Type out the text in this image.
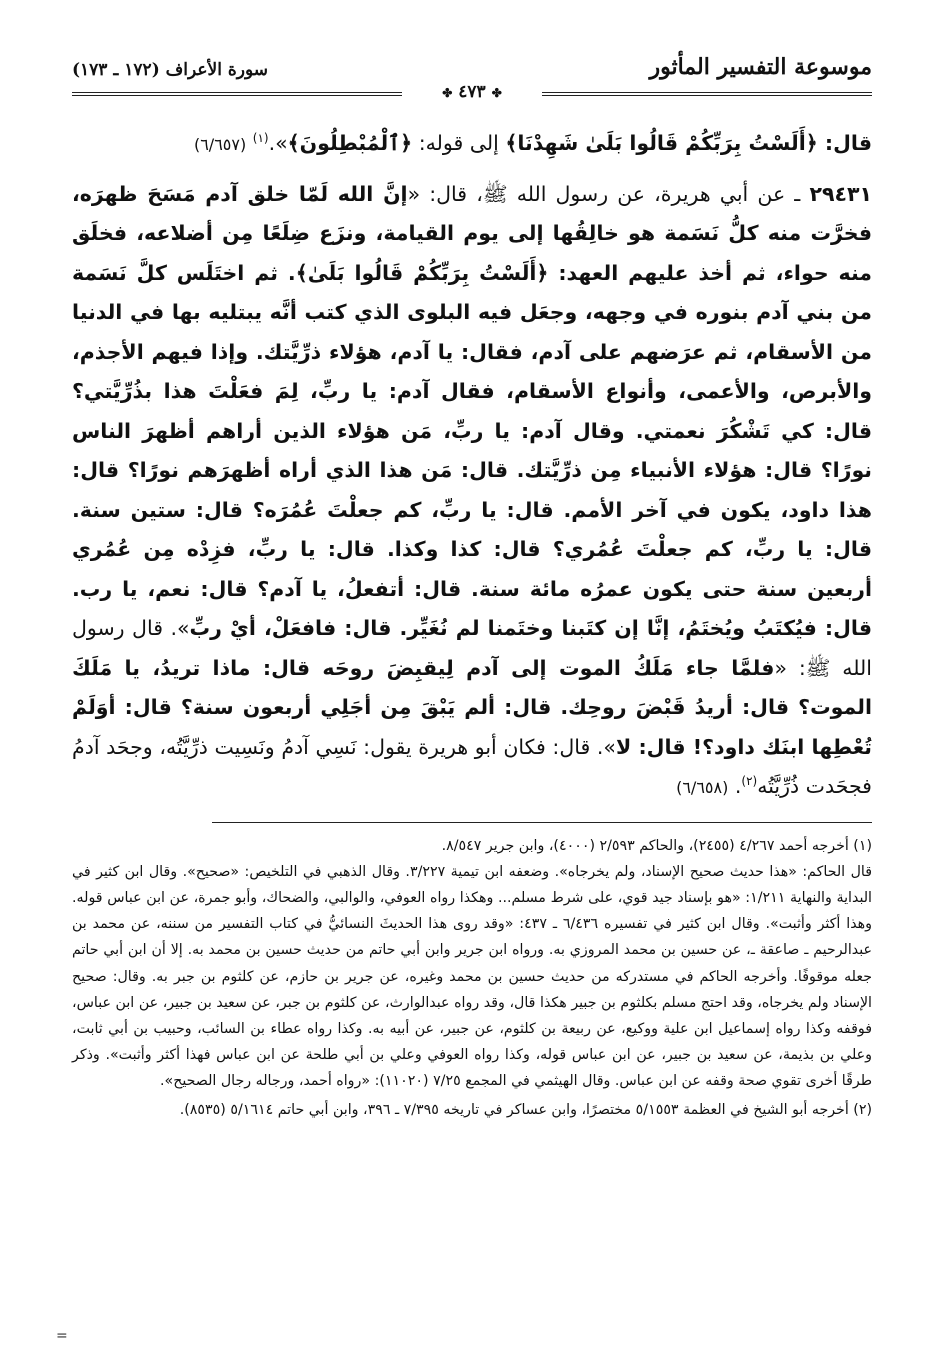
موسوعة التفسير المأثور
✤٤٧٣✤
سورة الأعراف (١٧٢ ـ ١٧٣)

قال: ﴿أَلَسْتُ بِرَبِّكُمْ قَالُوا بَلَىٰ شَهِدْنَا﴾ إلى قوله: ﴿ٱلْمُبْطِلُونَ﴾».$^{(١)}$ (٦/٦٥٧)

٢٩٤٣١ ـ عن أبي هريرة، عن رسول الله ﷺ، قال: «إنَّ الله لَمّا خلق آدم مَسَحَ ظهرَه، فخرَّت منه كلُّ نَسَمة هو خالِقُها إلى يوم القيامة، ونزَع ضِلَعًا مِن أضلاعه، فخلَق منه حواء، ثم أخذ عليهم العهد: ﴿أَلَسْتُ بِرَبِّكُمْ قَالُوا بَلَىٰ﴾. ثم اختَلَس كلَّ نَسَمة من بني آدم بنوره في وجهه، وجعَل فيه البلوى الذي كتب أنَّه يبتليه بها في الدنيا من الأسقام، ثم عرَضهم على آدم، فقال: يا آدم، هؤلاء ذرِّيَّتك. وإذا فيهم الأجذم، والأبرص، والأعمى، وأنواع الأسقام، فقال آدم: يا ربِّ، لِمَ فعَلْتَ هذا بذُرِّيَّتي؟ قال: كي تَشْكُرَ نعمتي. وقال آدم: يا ربِّ، مَن هؤلاء الذين أراهم أظهرَ الناس نورًا؟ قال: هؤلاء الأنبياء مِن ذرِّيَّتك. قال: مَن هذا الذي أراه أظهرَهم نورًا؟ قال: هذا داود، يكون في آخر الأمم. قال: يا ربِّ، كم جعلْتَ عُمُرَه؟ قال: ستين سنة. قال: يا ربِّ، كم جعلْتَ عُمُري؟ قال: كذا وكذا. قال: يا ربِّ، فزِدْه مِن عُمُري أربعين سنة حتى يكون عمرُه مائة سنة. قال: أتفعلُ، يا آدم؟ قال: نعم، يا رب. قال: فيُكتَبُ ويُختَمُ، إنَّا إن كتَبنا وختَمنا لم نُغَيِّر. قال: فافعَلْ، أيْ ربِّ». قال رسول الله ﷺ: «فلمَّا جاء مَلَكُ الموت إلى آدم لِيقبِضَ روحَه قال: ماذا تريدُ، يا مَلَكَ الموت؟ قال: أريدُ قَبْضَ روحِك. قال: ألم يَبْقَ مِن أجَلِي أربعون سنة؟ قال: أوَلَمْ تُعْطِها ابنَك داود؟! قال: لا». قال: فكان أبو هريرة يقول: نَسِي آدمُ ونَسِيت ذرِّيَّتُه، وجحَد آدمُ فجحَدت ذُرِّيَّتُه$^{(٢)}$. (٦/٦٥٨)

(١) أخرجه أحمد ٤/٢٦٧ (٢٤٥٥)، والحاكم ٢/٥٩٣ (٤٠٠٠)، وابن جرير ٨/٥٤٧.

قال الحاكم: «هذا حديث صحيح الإسناد، ولم يخرجاه». وضعفه ابن تيمية ٣/٢٢٧. وقال الذهبي في التلخيص: «صحيح». وقال ابن كثير في البداية والنهاية ١/٢١١: «هو بإسناد جيد قوي، على شرط مسلم... وهكذا رواه العوفي، والوالبي، والضحاك، وأبو جمرة، عن ابن عباس قوله. وهذا أكثر وأثبت». وقال ابن كثير في تفسيره ٦/٤٣٦ ـ ٤٣٧: «وقد روى هذا الحديثَ النسائيُّ في كتاب التفسير من سننه، عن محمد بن عبدالرحيم ـ صاعقة ـ، عن حسين بن محمد المروزي به. ورواه ابن جرير وابن أبي حاتم من حديث حسين بن محمد به. إلا أن ابن أبي حاتم جعله موقوفًا. وأخرجه الحاكم في مستدركه من حديث حسين بن محمد وغيره، عن جرير بن حازم، عن كلثوم بن جبر به. وقال: صحيح الإسناد ولم يخرجاه، وقد احتج مسلم بكلثوم بن جبير هكذا قال، وقد رواه عبدالوارث، عن كلثوم بن جبر، عن سعيد بن جبير، عن ابن عباس، فوقفه وكذا رواه إسماعيل ابن علية ووكيع، عن ربيعة بن كلثوم، عن جبير، عن أبيه به. وكذا رواه عطاء بن السائب، وحبيب بن أبي ثابت، وعلي بن بذيمة، عن سعيد بن جبير، عن ابن عباس قوله، وكذا رواه العوفي وعلي بن أبي طلحة عن ابن عباس فهذا أكثر وأثبت». وذكر طرقًا أخرى تقوي صحة وقفه عن ابن عباس. وقال الهيثمي في المجمع ٧/٢٥ (١١٠٢٠): «رواه أحمد، ورجاله رجال الصحيح».

(٢) أخرجه أبو الشيخ في العظمة ٥/١٥٥٣ مختصرًا، وابن عساكر في تاريخه ٧/٣٩٥ ـ ٣٩٦، وابن أبي حاتم ٥/١٦١٤ (٨٥٣٥).

=
